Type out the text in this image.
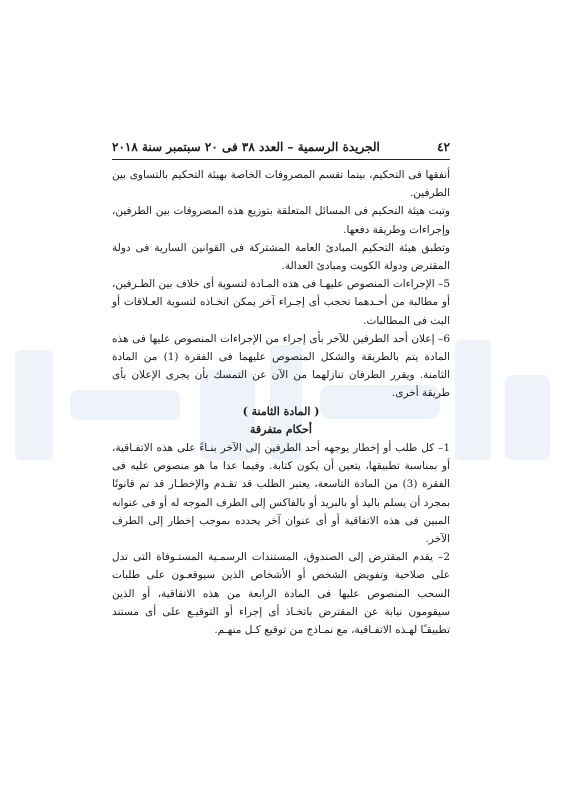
٤٢
الجريدة الرسمية – العدد ٣٨ فى ٢٠ سبتمبر سنة ٢٠١٨

أنفقها فى التحكيم، بينما تقسم المصروفات الخاصة بهيئة التحكيم بالتساوى بين الطرفين.

وتبت هيئة التحكيم فى المسائل المتعلقة بتوزيع هذه المصروفات بين الطرفين، وإجراءات وطريقة دفعها.

وتطبق هيئة التحكيم المبادئ العامة المشتركة فى القوانين السارية فى دولة المقترض ودولة الكويت ومبادئ العدالة.

5– الإجراءات المنصوص عليهـا فى هذه المـادة لتسوية أى خلاف بين الطـرفين، أو مطالبة من أحـدهما تحجب أى إجـراء آخر يمكن اتخـاذه لتسوية العـلاقات أو البت فى المطالبات.

6– إعلان أحد الطرفين للآخر بأى إجراء من الإجراءات المنصوص عليها فى هذه المادة يتم بالطريقة والشكل المنصوص عليهما فى الفقرة (1) من المادة الثامنة. ويقرر الطرفان تنازلهما من الآن عن التمسك بأن يجرى الإعلان بأى طريقة أخرى.

( المادة الثامنة )

أحكام متفرقة

1– كل طلب أو إخطار يوجهه أحد الطرفين إلى الآخر بنـاءً على هذه الاتفـاقية، أو بمناسبة تطبيقها، يتعين أن يكون كتابة. وفيما عدا ما هو منصوص عليه فى الفقرة (3) من المادة التاسعة، يعتبر الطلب قد تقـدم والإخطـار قد تم قانونًا بمجرد أن يسلم باليد أو بالبريد أو بالفاكس إلى الطرف الموجه له أو فى عنوانه المبين فى هذه الاتفاقية أو أى عنوان آخر يحدده بموجب إخطار إلى الطرف الآخر.

2– يقدم المقترض إلى الصندوق، المستندات الرسمـية المستـوفاة التى تدل على صلاحية وتفويض الشخص أو الأشخاص الذين سيوقعـون على طلبات السحب المنصوص عليها فى المادة الرابعة من هذه الاتفاقية، أو الذين سيقومون نيابة عن المقترض باتخـاذ أى إجراء أو التوقيـع على أى مستند تطبيقـًا لهـذه الاتفـاقية، مع نمـاذج من توقيع كـل منهـم.
